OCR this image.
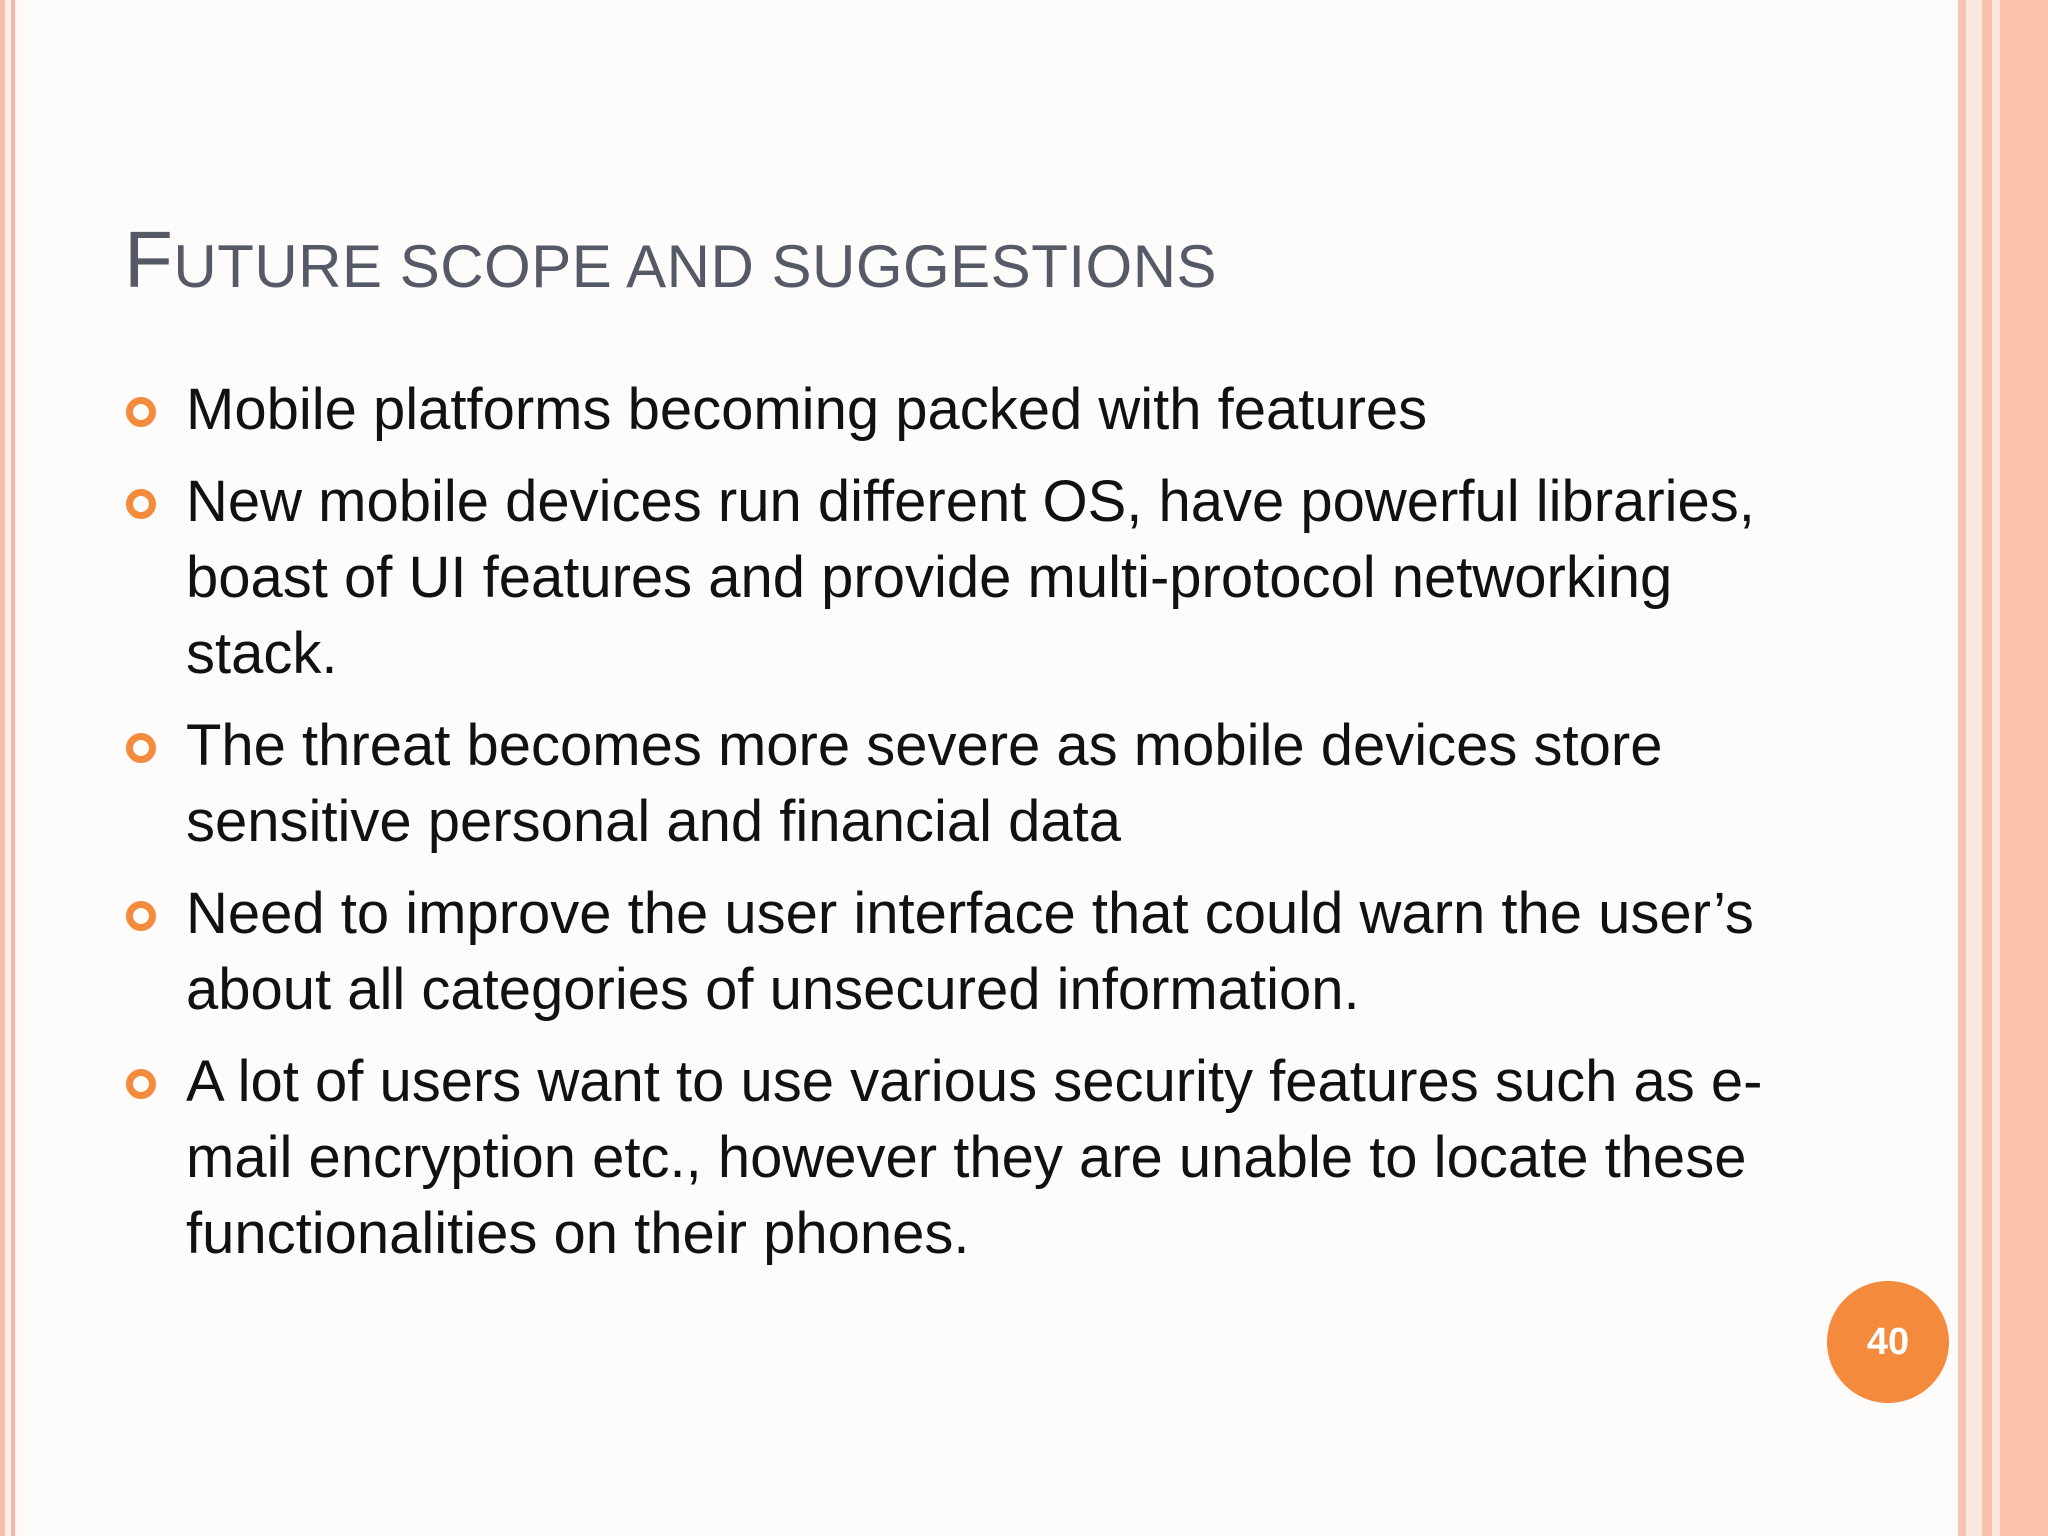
FUTURE SCOPE AND SUGGESTIONS
Mobile platforms becoming packed with features
New mobile devices run different OS, have powerful libraries, boast of UI features and provide multi-protocol networking stack.
The threat becomes more severe as mobile devices store sensitive personal and financial data
Need to improve the user interface that could warn the user’s about all categories of unsecured information.
A lot of users want to use various security features such as e-mail encryption etc., however they are unable to locate these functionalities on their phones.
40
